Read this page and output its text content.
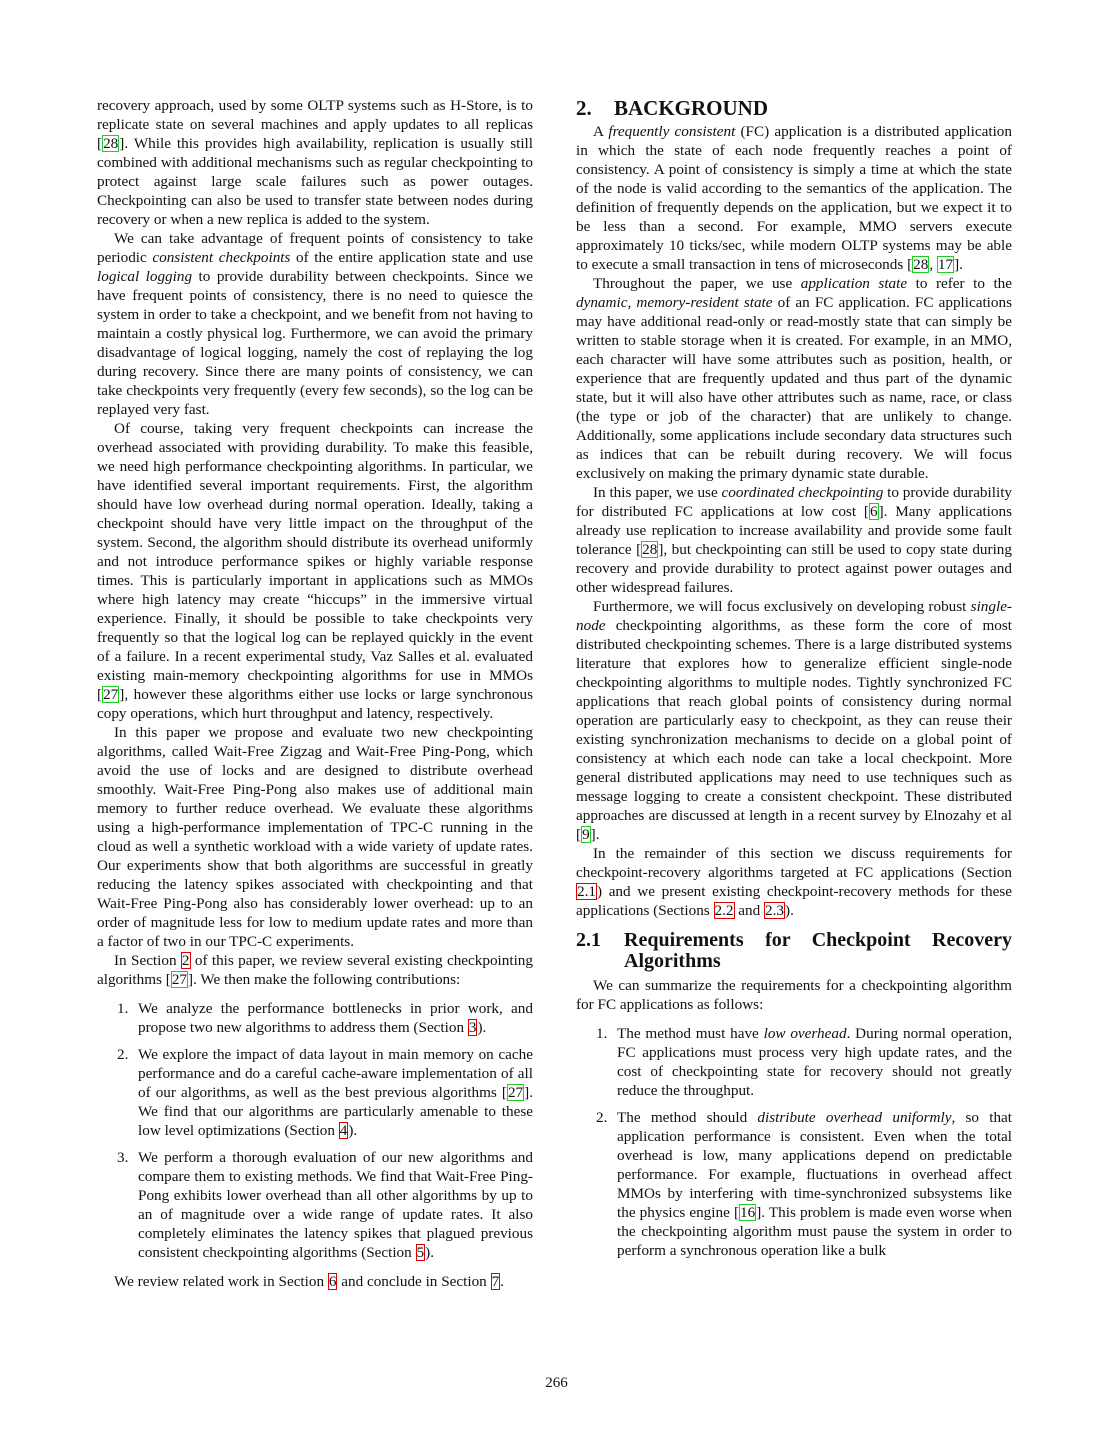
recovery approach, used by some OLTP systems such as H-Store, is to replicate state on several machines and apply updates to all replicas [28]. While this provides high availability, replication is usually still combined with additional mechanisms such as regular checkpointing to protect against large scale failures such as power outages. Checkpointing can also be used to transfer state between nodes during recovery or when a new replica is added to the system.

We can take advantage of frequent points of consistency to take periodic consistent checkpoints of the entire application state and use logical logging to provide durability between checkpoints. Since we have frequent points of consistency, there is no need to quiesce the system in order to take a checkpoint, and we benefit from not having to maintain a costly physical log. Furthermore, we can avoid the primary disadvantage of logical logging, namely the cost of replaying the log during recovery. Since there are many points of consistency, we can take checkpoints very frequently (every few seconds), so the log can be replayed very fast.

Of course, taking very frequent checkpoints can increase the overhead associated with providing durability. To make this feasible, we need high performance checkpointing algorithms. In particular, we have identified several important requirements. First, the algorithm should have low overhead during normal operation. Ideally, taking a checkpoint should have very little impact on the throughput of the system. Second, the algorithm should distribute its overhead uniformly and not introduce performance spikes or highly variable response times. This is particularly important in applications such as MMOs where high latency may create “hiccups” in the immersive virtual experience. Finally, it should be possible to take checkpoints very frequently so that the logical log can be replayed quickly in the event of a failure. In a recent experimental study, Vaz Salles et al. evaluated existing main-memory checkpointing algorithms for use in MMOs [27], however these algorithms either use locks or large synchronous copy operations, which hurt throughput and latency, respectively.

In this paper we propose and evaluate two new checkpointing algorithms, called Wait-Free Zigzag and Wait-Free Ping-Pong, which avoid the use of locks and are designed to distribute overhead smoothly. Wait-Free Ping-Pong also makes use of additional main memory to further reduce overhead. We evaluate these algorithms using a high-performance implementation of TPC-C running in the cloud as well a synthetic workload with a wide variety of update rates. Our experiments show that both algorithms are successful in greatly reducing the latency spikes associated with checkpointing and that Wait-Free Ping-Pong also has considerably lower overhead: up to an order of magnitude less for low to medium update rates and more than a factor of two in our TPC-C experiments.

In Section 2 of this paper, we review several existing checkpointing algorithms [27]. We then make the following contributions:

1. We analyze the performance bottlenecks in prior work, and propose two new algorithms to address them (Section 3).
2. We explore the impact of data layout in main memory on cache performance and do a careful cache-aware implementation of all of our algorithms, as well as the best previous algorithms [27]. We find that our algorithms are particularly amenable to these low level optimizations (Section 4).
3. We perform a thorough evaluation of our new algorithms and compare them to existing methods. We find that Wait-Free Ping-Pong exhibits lower overhead than all other algorithms by up to an of magnitude over a wide range of update rates. It also completely eliminates the latency spikes that plagued previous consistent checkpointing algorithms (Section 5).

We review related work in Section 6 and conclude in Section 7.

2. BACKGROUND

A frequently consistent (FC) application is a distributed application in which the state of each node frequently reaches a point of consistency. A point of consistency is simply a time at which the state of the node is valid according to the semantics of the application. The definition of frequently depends on the application, but we expect it to be less than a second. For example, MMO servers execute approximately 10 ticks/sec, while modern OLTP systems may be able to execute a small transaction in tens of microseconds [28, 17].

Throughout the paper, we use application state to refer to the dynamic, memory-resident state of an FC application. FC applications may have additional read-only or read-mostly state that can simply be written to stable storage when it is created. For example, in an MMO, each character will have some attributes such as position, health, or experience that are frequently updated and thus part of the dynamic state, but it will also have other attributes such as name, race, or class (the type or job of the character) that are unlikely to change. Additionally, some applications include secondary data structures such as indices that can be rebuilt during recovery. We will focus exclusively on making the primary dynamic state durable.

In this paper, we use coordinated checkpointing to provide durability for distributed FC applications at low cost [6]. Many applications already use replication to increase availability and provide some fault tolerance [28], but checkpointing can still be used to copy state during recovery and provide durability to protect against power outages and other widespread failures.

Furthermore, we will focus exclusively on developing robust single-node checkpointing algorithms, as these form the core of most distributed checkpointing schemes. There is a large distributed systems literature that explores how to generalize efficient single-node checkpointing algorithms to multiple nodes. Tightly synchronized FC applications that reach global points of consistency during normal operation are particularly easy to checkpoint, as they can reuse their existing synchronization mechanisms to decide on a global point of consistency at which each node can take a local checkpoint. More general distributed applications may need to use techniques such as message logging to create a consistent checkpoint. These distributed approaches are discussed at length in a recent survey by Elnozahy et al [9].

In the remainder of this section we discuss requirements for checkpoint-recovery algorithms targeted at FC applications (Section 2.1) and we present existing checkpoint-recovery methods for these applications (Sections 2.2 and 2.3).

2.1	Requirements for Checkpoint Recovery Algorithms

We can summarize the requirements for a checkpointing algorithm for FC applications as follows:

1. The method must have low overhead. During normal operation, FC applications must process very high update rates, and the cost of checkpointing state for recovery should not greatly reduce the throughput.
2. The method should distribute overhead uniformly, so that application performance is consistent. Even when the total overhead is low, many applications depend on predictable performance. For example, fluctuations in overhead affect MMOs by interfering with time-synchronized subsystems like the physics engine [16]. This problem is made even worse when the checkpointing algorithm must pause the system in order to perform a synchronous operation like a bulk
266
